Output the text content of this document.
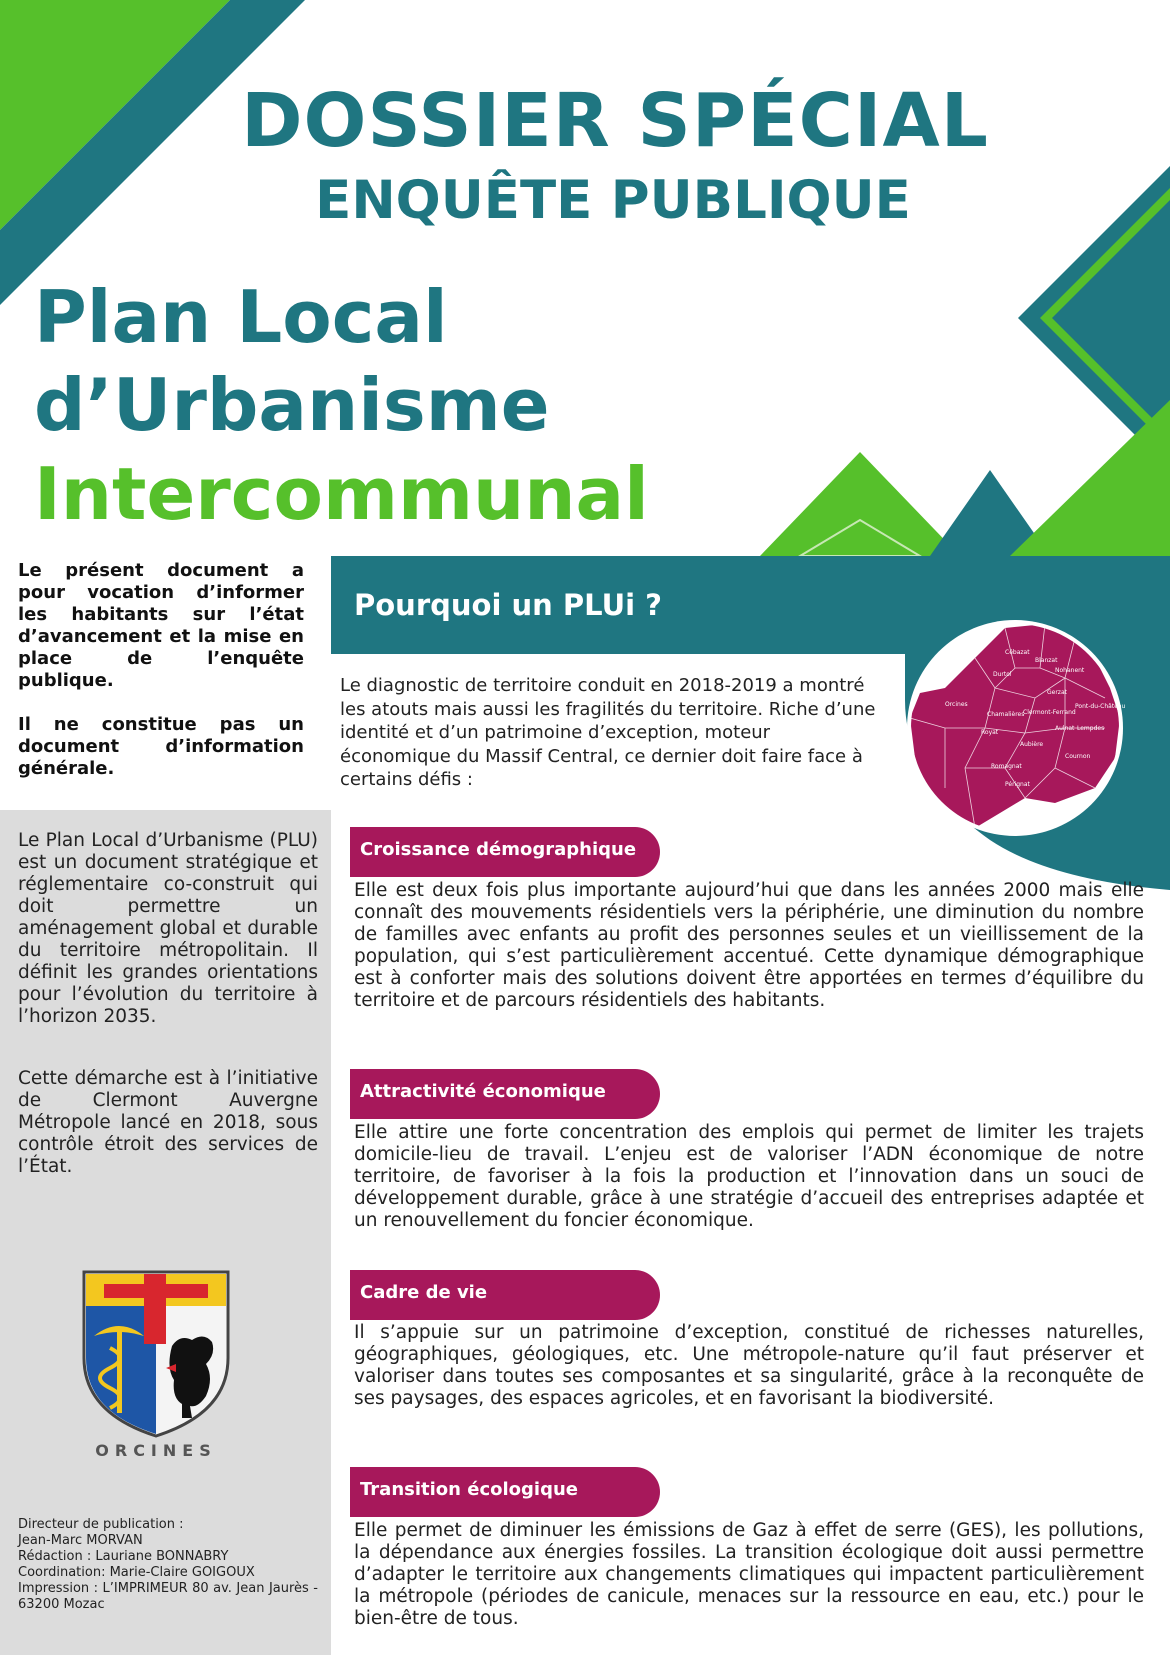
DOSSIER SPÉCIAL
ENQUÊTE PUBLIQUE
Plan Local
d’Urbanisme
Intercommunal

Le présent document a pour vocation d’informer les habitants sur l’état d’avancement et la mise en place de l’enquête publique.

Il ne constitue pas un document d’information générale.

Le Plan Local d’Urbanisme (PLU) est un document stratégique et réglementaire co-construit qui doit permettre un aménagement global et durable du territoire métropolitain. Il définit les grandes orientations pour l’évolution du territoire à l’horizon 2035.

Cette démarche est à l’initiative de Clermont Auvergne Métropole lancé en 2018, sous contrôle étroit des services de l’État.

ORCINES
Directeur de publication :
Jean-Marc MORVAN
Rédaction : Lauriane BONNABRY
Coordination: Marie-Claire GOIGOUX
Impression : L’IMPRIMEUR 80 av. Jean Jaurès - 63200 Mozac
Pourquoi un PLUi ?
Cébazat
Blanzat
Nohanent
Durtol
Orcines
Clermont-Ferrand
Chamalières
Royat
Aubière
Cournon
Lempdes
Pont-du-Château
Romagnat
Pérignat
Aulnat
Gerzat
Le diagnostic de territoire conduit en 2018-2019 a montré les atouts mais aussi les fragilités du territoire. Riche d’une identité et d’un patrimoine d’exception, moteur économique du Massif Central, ce dernier doit faire face à certains défis :
Croissance démographique
Elle est deux fois plus importante aujourd’hui que dans les années 2000 mais elle connaît des mouvements résidentiels vers la périphérie, une diminution du nombre de familles avec enfants au profit des personnes seules et un vieillissement de la population, qui s’est particulièrement accentué. Cette dynamique démographique est à conforter mais des solutions doivent être apportées en termes d’équilibre du territoire et de parcours résidentiels des habitants.
Attractivité économique
Elle attire une forte concentration des emplois qui permet de limiter les trajets domicile-lieu de travail. L’enjeu est de valoriser l’ADN économique de notre territoire, de favoriser à la fois la production et l’innovation dans un souci de développement durable, grâce à une stratégie d’accueil des entreprises adaptée et un renouvellement du foncier économique.
Cadre de vie
Il s’appuie sur un patrimoine d’exception, constitué de richesses naturelles, géographiques, géologiques, etc. Une métropole-nature qu’il faut préserver et valoriser dans toutes ses composantes et sa singularité, grâce à la reconquête de ses paysages, des espaces agricoles, et en favorisant la biodiversité.
Transition écologique
Elle permet de diminuer les émissions de Gaz à effet de serre (GES), les pollutions, la dépendance aux énergies fossiles. La transition écologique doit aussi permettre d’adapter le territoire aux changements climatiques qui impactent particulièrement la métropole (périodes de canicule, menaces sur la ressource en eau, etc.) pour le bien-être de tous.
